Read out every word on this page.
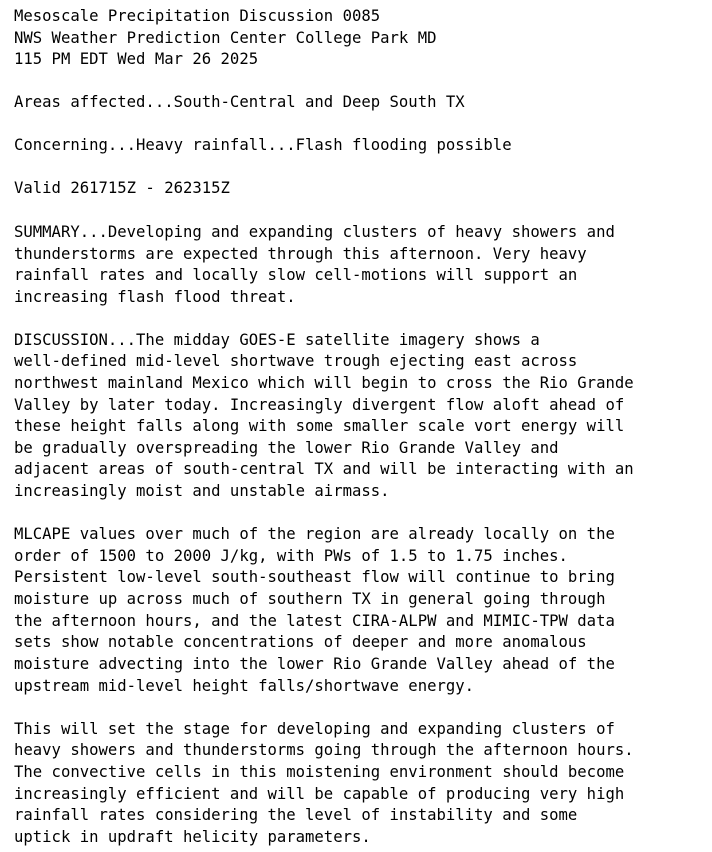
Mesoscale Precipitation Discussion 0085

NWS Weather Prediction Center College Park MD

115 PM EDT Wed Mar 26 2025

Areas affected...South-Central and Deep South TX

Concerning...Heavy rainfall...Flash flooding possible

Valid 261715Z - 262315Z

SUMMARY...Developing and expanding clusters of heavy showers and

thunderstorms are expected through this afternoon. Very heavy

rainfall rates and locally slow cell-motions will support an

increasing flash flood threat.

DISCUSSION...The midday GOES-E satellite imagery shows a

well-defined mid-level shortwave trough ejecting east across

northwest mainland Mexico which will begin to cross the Rio Grande

Valley by later today. Increasingly divergent flow aloft ahead of

these height falls along with some smaller scale vort energy will

be gradually overspreading the lower Rio Grande Valley and

adjacent areas of south-central TX and will be interacting with an

increasingly moist and unstable airmass.

MLCAPE values over much of the region are already locally on the

order of 1500 to 2000 J/kg, with PWs of 1.5 to 1.75 inches.

Persistent low-level south-southeast flow will continue to bring

moisture up across much of southern TX in general going through

the afternoon hours, and the latest CIRA-ALPW and MIMIC-TPW data

sets show notable concentrations of deeper and more anomalous

moisture advecting into the lower Rio Grande Valley ahead of the

upstream mid-level height falls/shortwave energy.

This will set the stage for developing and expanding clusters of

heavy showers and thunderstorms going through the afternoon hours.

The convective cells in this moistening environment should become

increasingly efficient and will be capable of producing very high

rainfall rates considering the level of instability and some

uptick in updraft helicity parameters.
